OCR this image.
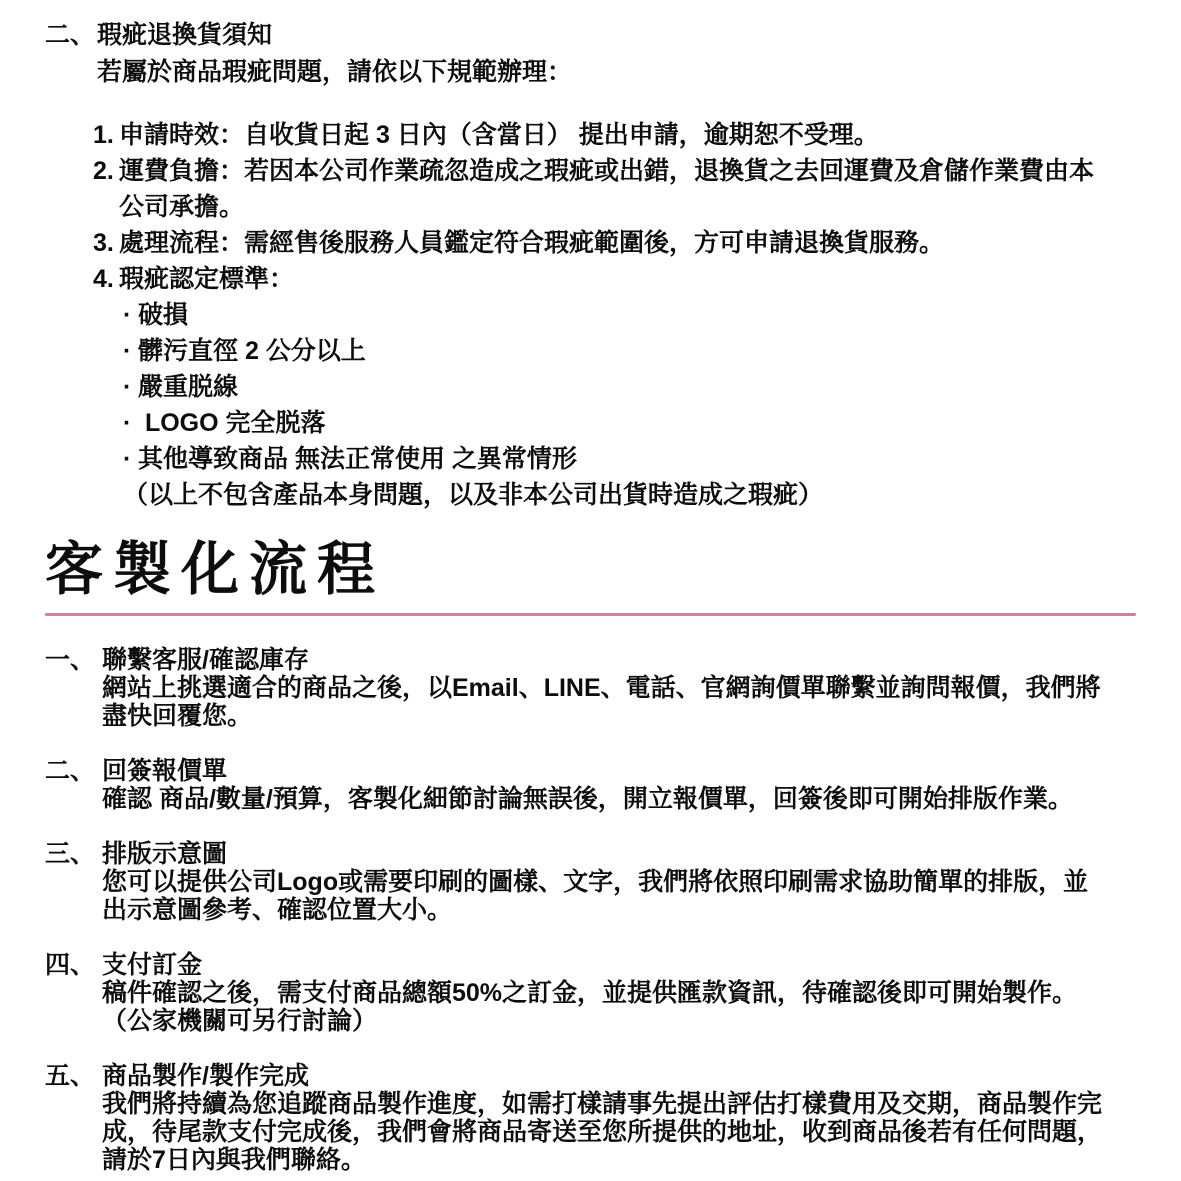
二、 瑕疵退換貨須知
若屬於商品瑕疵問題，請依以下規範辦理：
1. 申請時效：自收貨日起 3 日內（含當日） 提出申請，逾期恕不受理。
2. 運費負擔：若因本公司作業疏忽造成之瑕疵或出錯，退換貨之去回運費及倉儲作業費由本
公司承擔。
3. 處理流程：需經售後服務人員鑑定符合瑕疵範圍後，方可申請退換貨服務。
4. 瑕疵認定標準：
· 破損
· 髒污直徑 2 公分以上
· 嚴重脱線
· LOGO 完全脱落
· 其他導致商品 無法正常使用 之異常情形
（以上不包含產品本身問題，以及非本公司出貨時造成之瑕疵）
客製化流程
一、 聯繫客服/確認庫存
網站上挑選適合的商品之後，以Email、LINE、電話、官網詢價單聯繫並詢問報價，我們將
盡快回覆您。
二、 回簽報價單
確認 商品/數量/預算，客製化細節討論無誤後，開立報價單，回簽後即可開始排版作業。
三、 排版示意圖
您可以提供公司Logo或需要印刷的圖樣、文字，我們將依照印刷需求協助簡單的排版，並
出示意圖參考、確認位置大小。
四、 支付訂金
稿件確認之後，需支付商品總額50%之訂金，並提供匯款資訊，待確認後即可開始製作。
（公家機關可另行討論）
五、 商品製作/製作完成
我們將持續為您追蹤商品製作進度，如需打樣請事先提出評估打樣費用及交期，商品製作完
成，待尾款支付完成後，我們會將商品寄送至您所提供的地址，收到商品後若有任何問題，
請於7日內與我們聯絡。
